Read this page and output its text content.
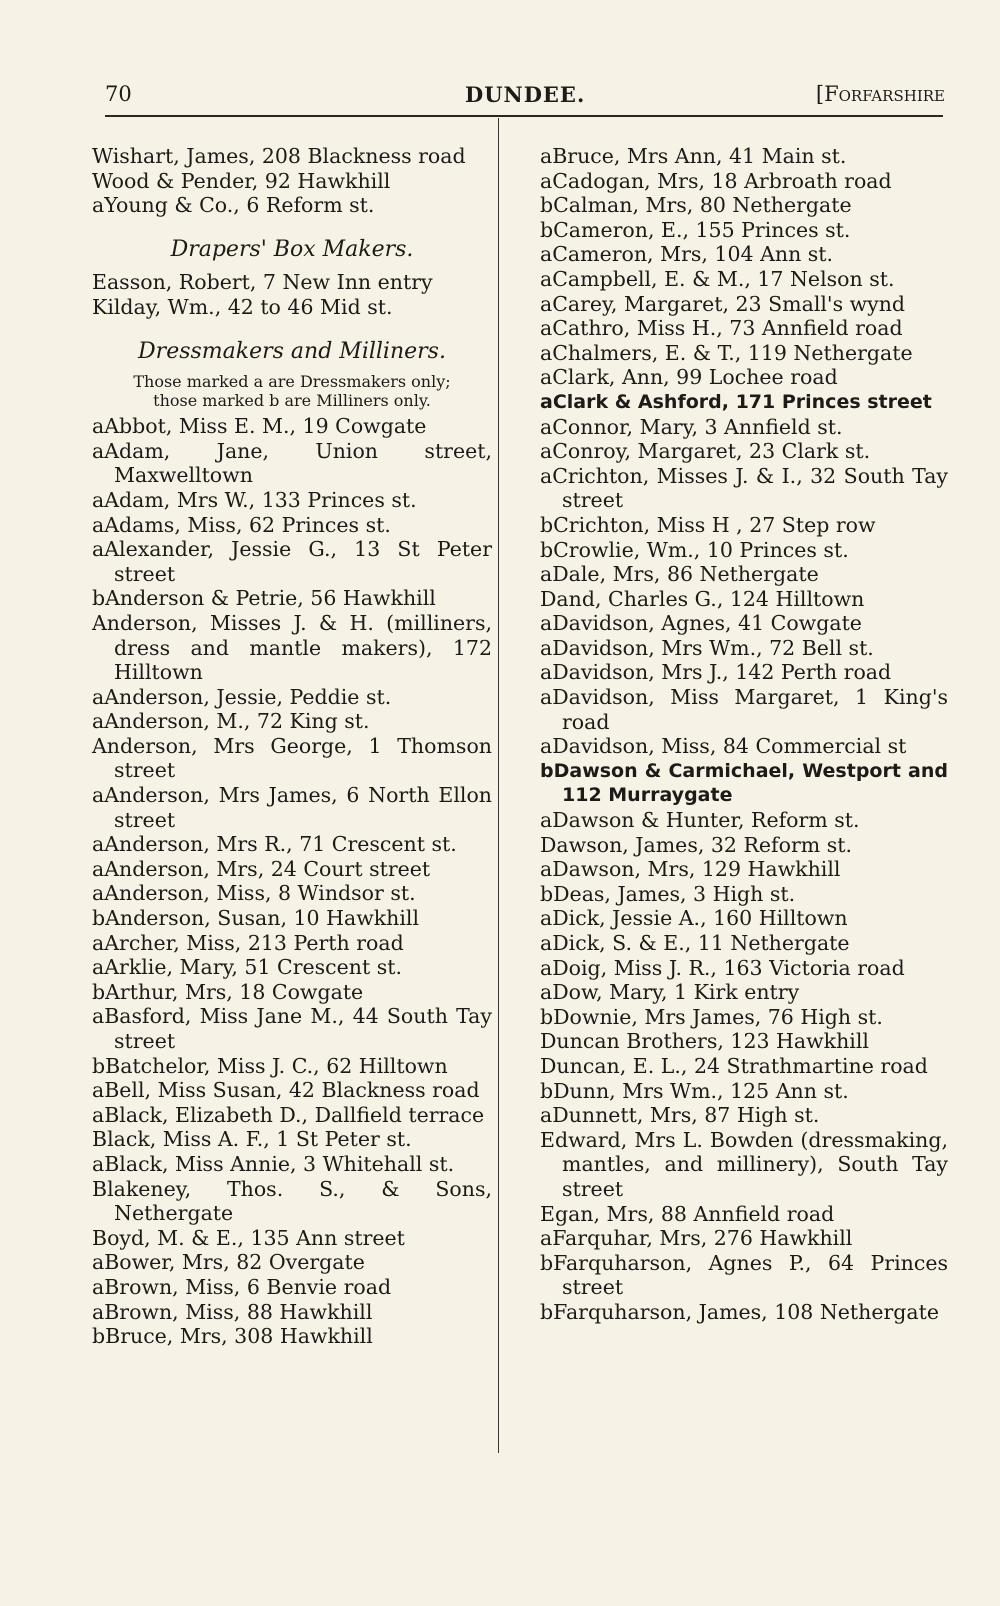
70	DUNDEE.	[Forfarshire

Wishart, James, 208 Blackness road

Wood & Pender, 92 Hawkhill

aYoung & Co., 6 Reform st.

Drapers' Box Makers.

Easson, Robert, 7 New Inn entry

Kilday, Wm., 42 to 46 Mid st.

Dressmakers and Milliners.

Those marked a are Dressmakers only;
those marked b are Milliners only.

aAbbot, Miss E. M., 19 Cowgate

aAdam, Jane, Union street, Maxwelltown

aAdam, Mrs W., 133 Princes st.

aAdams, Miss, 62 Princes st.

aAlexander, Jessie G., 13 St Peter street

bAnderson & Petrie, 56 Hawkhill

Anderson, Misses J. & H. (milliners, dress and mantle makers), 172 Hilltown

aAnderson, Jessie, Peddie st.

aAnderson, M., 72 King st.

Anderson, Mrs George, 1 Thomson street

aAnderson, Mrs James, 6 North Ellon street

aAnderson, Mrs R., 71 Crescent st.

aAnderson, Mrs, 24 Court street

aAnderson, Miss, 8 Windsor st.

bAnderson, Susan, 10 Hawkhill

aArcher, Miss, 213 Perth road

aArklie, Mary, 51 Crescent st.

bArthur, Mrs, 18 Cowgate

aBasford, Miss Jane M., 44 South Tay street

bBatchelor, Miss J. C., 62 Hilltown

aBell, Miss Susan, 42 Blackness road

aBlack, Elizabeth D., Dallfield terrace

Black, Miss A. F., 1 St Peter st.

aBlack, Miss Annie, 3 Whitehall st.

Blakeney, Thos. S., & Sons, Nethergate

Boyd, M. & E., 135 Ann street

aBower, Mrs, 82 Overgate

aBrown, Miss, 6 Benvie road

aBrown, Miss, 88 Hawkhill

bBruce, Mrs, 308 Hawkhill

aBruce, Mrs Ann, 41 Main st.

aCadogan, Mrs, 18 Arbroath road

bCalman, Mrs, 80 Nethergate

bCameron, E., 155 Princes st.

aCameron, Mrs, 104 Ann st.

aCampbell, E. & M., 17 Nelson st.

aCarey, Margaret, 23 Small's wynd

aCathro, Miss H., 73 Annfield road

aChalmers, E. & T., 119 Nethergate

aClark, Ann, 99 Lochee road

aClark & Ashford, 171 Princes street

aConnor, Mary, 3 Annfield st.

aConroy, Margaret, 23 Clark st.

aCrichton, Misses J. & I., 32 South Tay street

bCrichton, Miss H , 27 Step row

bCrowlie, Wm., 10 Princes st.

aDale, Mrs, 86 Nethergate

Dand, Charles G., 124 Hilltown

aDavidson, Agnes, 41 Cowgate

aDavidson, Mrs Wm., 72 Bell st.

aDavidson, Mrs J., 142 Perth road

aDavidson, Miss Margaret, 1 King's road

aDavidson, Miss, 84 Commercial st

bDawson & Carmichael, Westport and 112 Murraygate

aDawson & Hunter, Reform st.

Dawson, James, 32 Reform st.

aDawson, Mrs, 129 Hawkhill

bDeas, James, 3 High st.

aDick, Jessie A., 160 Hilltown

aDick, S. & E., 11 Nethergate

aDoig, Miss J. R., 163 Victoria road

aDow, Mary, 1 Kirk entry

bDownie, Mrs James, 76 High st.

Duncan Brothers, 123 Hawkhill

Duncan, E. L., 24 Strathmartine road

bDunn, Mrs Wm., 125 Ann st.

aDunnett, Mrs, 87 High st.

Edward, Mrs L. Bowden (dressmaking, mantles, and millinery), South Tay street

Egan, Mrs, 88 Annfield road

aFarquhar, Mrs, 276 Hawkhill

bFarquharson, Agnes P., 64 Princes street

bFarquharson, James, 108 Nethergate
